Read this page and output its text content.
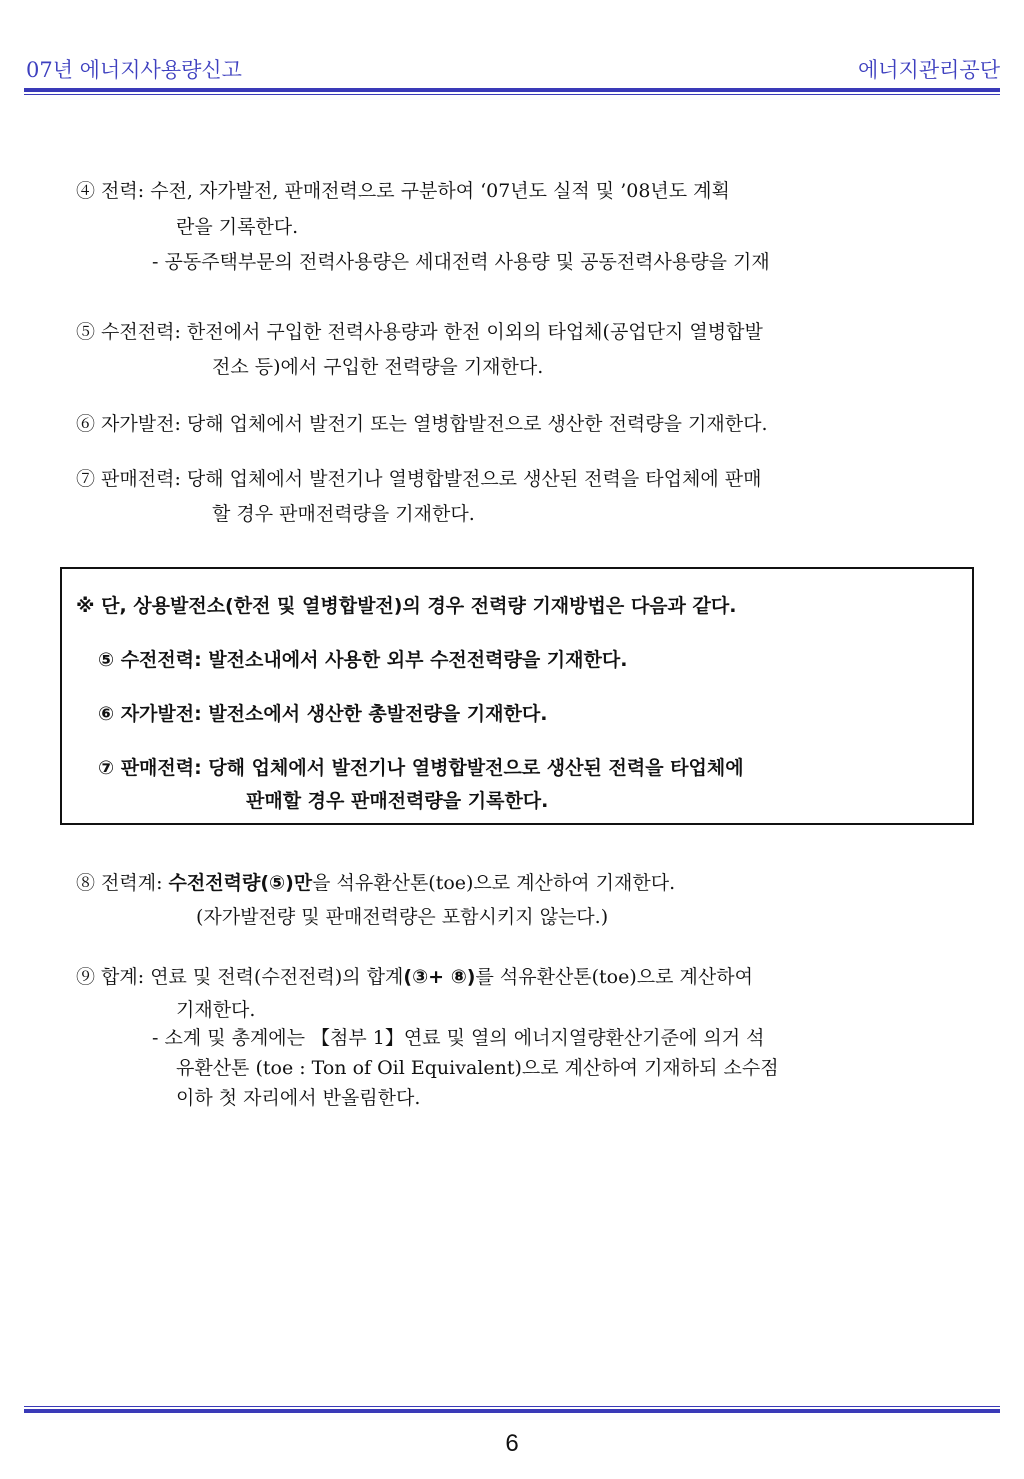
07년 에너지사용량신고	에너지관리공단
④ 전력: 수전, 자가발전, 판매전력으로 구분하여 ‘07년도 실적 및 ’08년도 계획
란을 기록한다.
- 공동주택부문의 전력사용량은 세대전력 사용량 및 공동전력사용량을 기재
⑤ 수전전력: 한전에서 구입한 전력사용량과 한전 이외의 타업체(공업단지 열병합발
전소 등)에서 구입한 전력량을 기재한다.
⑥ 자가발전: 당해 업체에서 발전기 또는 열병합발전으로 생산한 전력량을 기재한다.
⑦ 판매전력: 당해 업체에서 발전기나 열병합발전으로 생산된 전력을 타업체에 판매
할 경우 판매전력량을 기재한다.
※ 단, 상용발전소(한전 및 열병합발전)의 경우 전력량 기재방법은 다음과 같다.
⑤ 수전전력: 발전소내에서 사용한 외부 수전전력량을 기재한다.
⑥ 자가발전: 발전소에서 생산한 총발전량을 기재한다.
⑦ 판매전력: 당해 업체에서 발전기나 열병합발전으로 생산된 전력을 타업체에
판매할 경우 판매전력량을 기록한다.
⑧ 전력계: 수전전력량(⑤)만을 석유환산톤(toe)으로 계산하여 기재한다.
(자가발전량 및 판매전력량은 포함시키지 않는다.)
⑨ 합계: 연료 및 전력(수전전력)의 합계(③+ ⑧)를 석유환산톤(toe)으로 계산하여
기재한다.
- 소계 및 총계에는 【첨부 1】연료 및 열의 에너지열량환산기준에 의거 석
유환산톤 (toe : Ton of Oil Equivalent)으로 계산하여 기재하되 소수점
이하 첫 자리에서 반올림한다.
6
